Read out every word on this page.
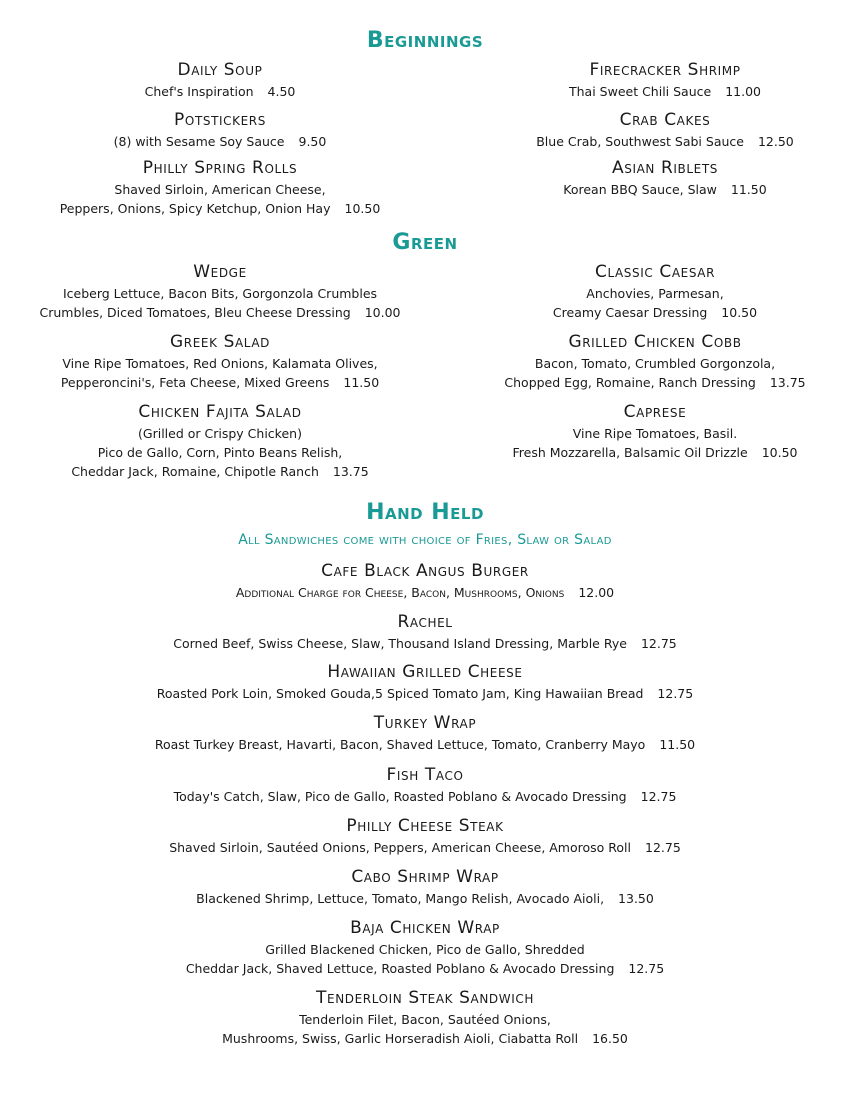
Beginnings
Green
Hand Held
All Sandwiches come with choice of Fries, Slaw or Salad
Daily Soup
Chef's Inspiration 4.50
Potstickers
(8) with Sesame Soy Sauce 9.50
Philly Spring Rolls
Shaved Sirloin, American Cheese,
Peppers, Onions, Spicy Ketchup, Onion Hay 10.50
Firecracker Shrimp
Thai Sweet Chili Sauce 11.00
Crab Cakes
Blue Crab, Southwest Sabi Sauce 12.50
Asian Riblets
Korean BBQ Sauce, Slaw 11.50
Wedge
Iceberg Lettuce, Bacon Bits, Gorgonzola Crumbles
Crumbles, Diced Tomatoes, Bleu Cheese Dressing 10.00
Greek Salad
Vine Ripe Tomatoes, Red Onions, Kalamata Olives,
Pepperoncini's, Feta Cheese, Mixed Greens 11.50
Chicken Fajita Salad
(Grilled or Crispy Chicken)
Pico de Gallo, Corn, Pinto Beans Relish,
Cheddar Jack, Romaine, Chipotle Ranch 13.75
Classic Caesar
Anchovies, Parmesan,
Creamy Caesar Dressing 10.50
Grilled Chicken Cobb
Bacon, Tomato, Crumbled Gorgonzola,
Chopped Egg, Romaine, Ranch Dressing 13.75
Caprese
Vine Ripe Tomatoes, Basil.
Fresh Mozzarella, Balsamic Oil Drizzle 10.50
Cafe Black Angus Burger
Additional Charge for Cheese, Bacon, Mushrooms, Onions 12.00
Rachel
Corned Beef, Swiss Cheese, Slaw, Thousand Island Dressing, Marble Rye 12.75
Hawaiian Grilled Cheese
Roasted Pork Loin, Smoked Gouda,5 Spiced Tomato Jam, King Hawaiian Bread 12.75
Turkey Wrap
Roast Turkey Breast, Havarti, Bacon, Shaved Lettuce, Tomato, Cranberry Mayo 11.50
Fish Taco
Today's Catch, Slaw, Pico de Gallo, Roasted Poblano & Avocado Dressing 12.75
Philly Cheese Steak
Shaved Sirloin, Sautéed Onions, Peppers, American Cheese, Amoroso Roll 12.75
Cabo Shrimp Wrap
Blackened Shrimp, Lettuce, Tomato, Mango Relish, Avocado Aioli, 13.50
Baja Chicken Wrap
Grilled Blackened Chicken, Pico de Gallo, Shredded
Cheddar Jack, Shaved Lettuce, Roasted Poblano & Avocado Dressing 12.75
Tenderloin Steak Sandwich
Tenderloin Filet, Bacon, Sautéed Onions,
Mushrooms, Swiss, Garlic Horseradish Aioli, Ciabatta Roll 16.50
